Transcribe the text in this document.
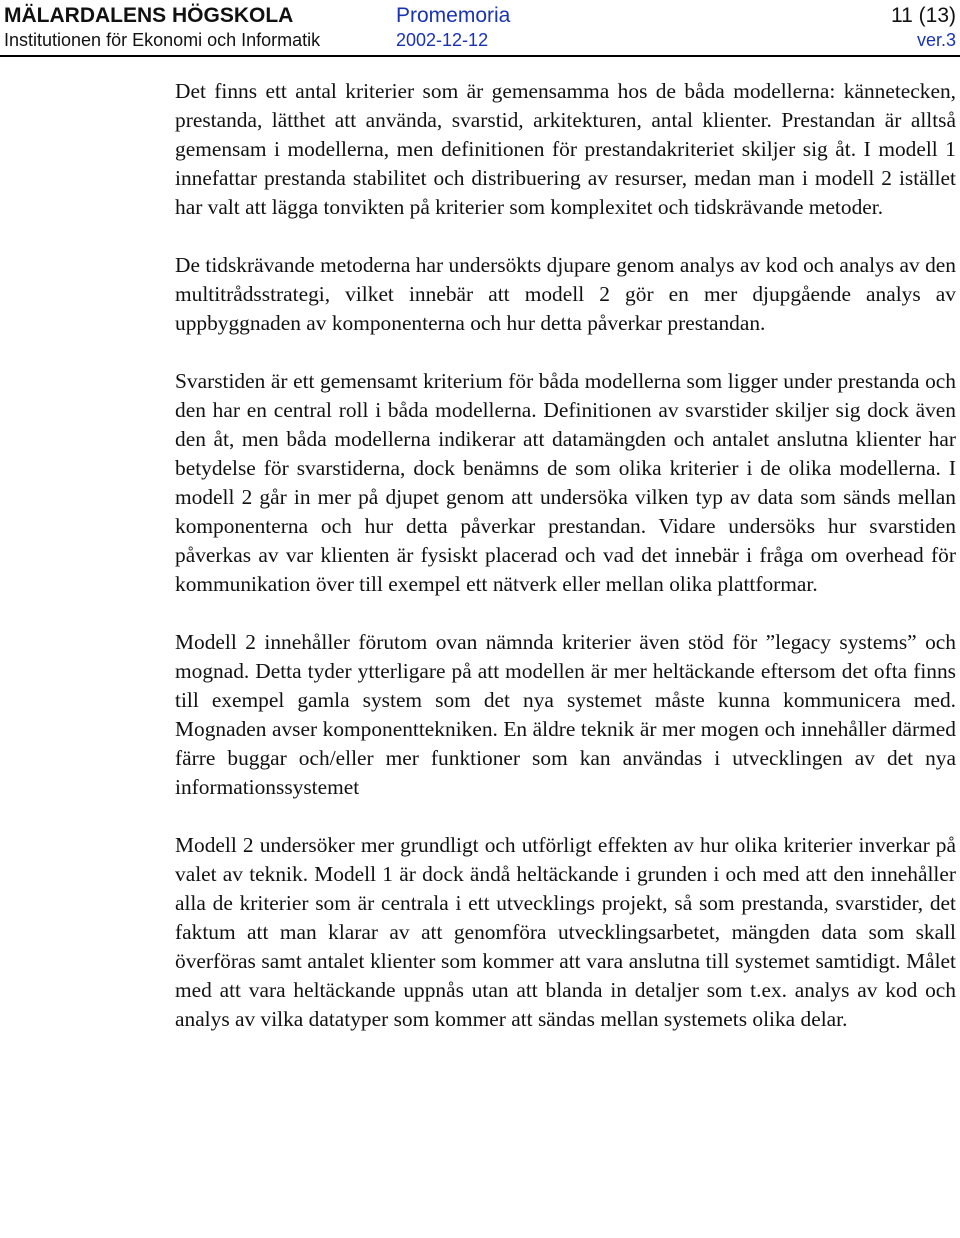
MÄLARDALENS HÖGSKOLA	Promemoria	11 (13)
Institutionen för Ekonomi och Informatik	2002-12-12	ver.3

Det finns ett antal kriterier som är gemensamma hos de båda modellerna: kännetecken, prestanda, lätthet att använda, svarstid, arkitekturen, antal klienter. Prestandan är alltså gemensam i modellerna, men definitionen för prestandakriteriet skiljer sig åt. I modell 1 innefattar prestanda stabilitet och distribuering av resurser, medan man i modell 2 istället har valt att lägga tonvikten på kriterier som komplexitet och tidskrävande metoder.

De tidskrävande metoderna har undersökts djupare genom analys av kod och analys av den multitrådsstrategi, vilket innebär att modell 2 gör en mer djupgående analys av uppbyggnaden av komponenterna och hur detta påverkar prestandan.

Svarstiden är ett gemensamt kriterium för båda modellerna som ligger under prestanda och den har en central roll i båda modellerna. Definitionen av svarstider skiljer sig dock även den åt, men båda modellerna indikerar att datamängden och antalet anslutna klienter har betydelse för svarstiderna, dock benämns de som olika kriterier i de olika modellerna. I modell 2 går in mer på djupet genom att undersöka vilken typ av data som sänds mellan komponenterna och hur detta påverkar prestandan. Vidare undersöks hur svarstiden påverkas av var klienten är fysiskt placerad och vad det innebär i fråga om overhead för kommunikation över till exempel ett nätverk eller mellan olika plattformar.

Modell 2 innehåller förutom ovan nämnda kriterier även stöd för ”legacy systems” och mognad. Detta tyder ytterligare på att modellen är mer heltäckande eftersom det ofta finns till exempel gamla system som det nya systemet måste kunna kommunicera med. Mognaden avser komponenttekniken. En äldre teknik är mer mogen och innehåller därmed färre buggar och/eller mer funktioner som kan användas i utvecklingen av det nya informationssystemet

Modell 2 undersöker mer grundligt och utförligt effekten av hur olika kriterier inverkar på valet av teknik. Modell 1 är dock ändå heltäckande i grunden i och med att den innehåller alla de kriterier som är centrala i ett utvecklings projekt, så som prestanda, svarstider, det faktum att man klarar av att genomföra utvecklingsarbetet, mängden data som skall överföras samt antalet klienter som kommer att vara anslutna till systemet samtidigt. Målet med att vara heltäckande uppnås utan att blanda in detaljer som t.ex. analys av kod och analys av vilka datatyper som kommer att sändas mellan systemets olika delar.
